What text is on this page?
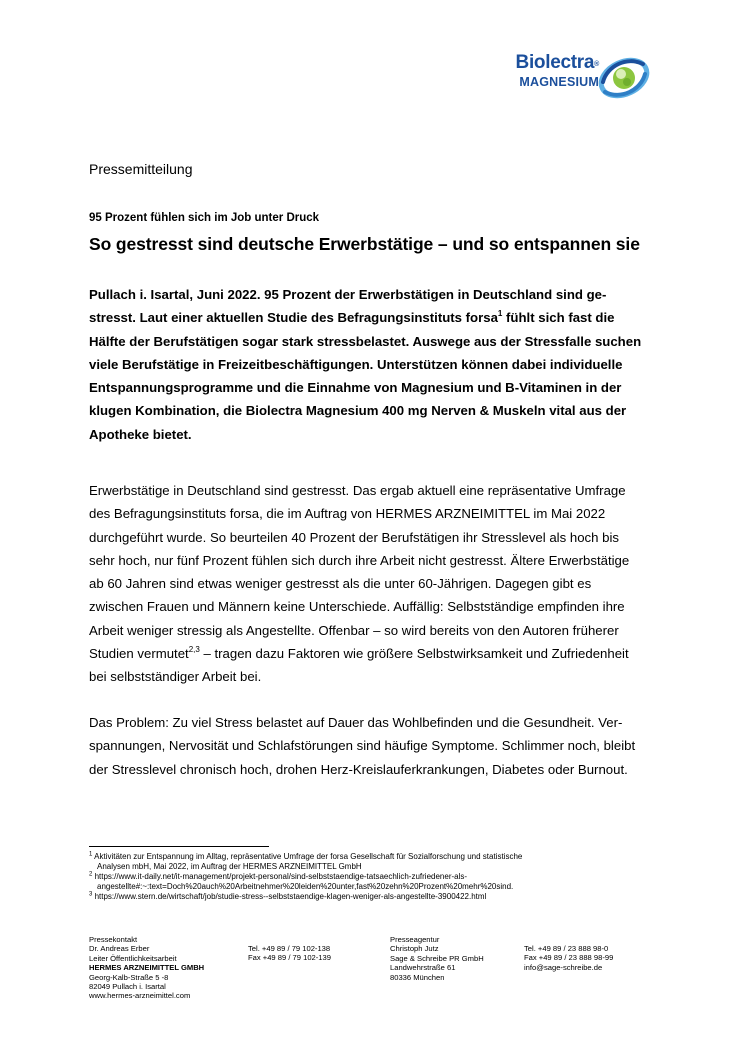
Biolectra®
MAGNESIUM
Pressemitteilung
95 Prozent fühlen sich im Job unter Druck
So gestresst sind deutsche Erwerbstätige – und so entspannen sie
Pullach i. Isartal, Juni 2022. 95 Prozent der Erwerbstätigen in Deutschland sind ge-
stresst. Laut einer aktuellen Studie des Befragungsinstituts forsa$^1$ fühlt sich fast die
Hälfte der Berufstätigen sogar stark stressbelastet. Auswege aus der Stressfalle suchen
viele Berufstätige in Freizeitbeschäftigungen. Unterstützen können dabei individuelle
Entspannungsprogramme und die Einnahme von Magnesium und B-Vitaminen in der
klugen Kombination, die Biolectra Magnesium 400 mg Nerven & Muskeln vital aus der
Apotheke bietet.
Erwerbstätige in Deutschland sind gestresst. Das ergab aktuell eine repräsentative Umfrage
des Befragungsinstituts forsa, die im Auftrag von HERMES ARZNEIMITTEL im Mai 2022
durchgeführt wurde. So beurteilen 40 Prozent der Berufstätigen ihr Stresslevel als hoch bis
sehr hoch, nur fünf Prozent fühlen sich durch ihre Arbeit nicht gestresst. Ältere Erwerbstätige
ab 60 Jahren sind etwas weniger gestresst als die unter 60-Jährigen. Dagegen gibt es
zwischen Frauen und Männern keine Unterschiede. Auffällig: Selbstständige empfinden ihre
Arbeit weniger stressig als Angestellte. Offenbar – so wird bereits von den Autoren früherer
Studien vermutet$^{2,3}$ – tragen dazu Faktoren wie größere Selbstwirksamkeit und Zufriedenheit
bei selbstständiger Arbeit bei.
Das Problem: Zu viel Stress belastet auf Dauer das Wohlbefinden und die Gesundheit. Ver-
spannungen, Nervosität und Schlafstörungen sind häufige Symptome. Schlimmer noch, bleibt
der Stresslevel chronisch hoch, drohen Herz-Kreislauferkrankungen, Diabetes oder Burnout.
$^1$ Aktivitäten zur Entspannung im Alltag, repräsentative Umfrage der forsa Gesellschaft für Sozialforschung und statistische
Analysen mbH, Mai 2022, im Auftrag der HERMES ARZNEIMITTEL GmbH
$^2$ https://www.it-daily.net/it-management/projekt-personal/sind-selbststaendige-tatsaechlich-zufriedener-als-
angestellte#:~:text=Doch%20auch%20Arbeitnehmer%20leiden%20unter,fast%20zehn%20Prozent%20mehr%20sind.
$^3$ https://www.stern.de/wirtschaft/job/studie-stress--selbststaendige-klagen-weniger-als-angestellte-3900422.html
Pressekontakt
Dr. Andreas Erber
Leiter Öffentlichkeitsarbeit
HERMES ARZNEIMITTEL GMBH
Georg-Kalb-Straße 5 -8
82049 Pullach i. Isartal
www.hermes-arzneimittel.com
Tel. +49 89 / 79 102-138
Fax +49 89 / 79 102-139
Presseagentur
Christoph Jutz
Sage & Schreibe PR GmbH
Landwehrstraße 61
80336 München
Tel. +49 89 / 23 888 98-0
Fax +49 89 / 23 888 98-99
info@sage-schreibe.de
